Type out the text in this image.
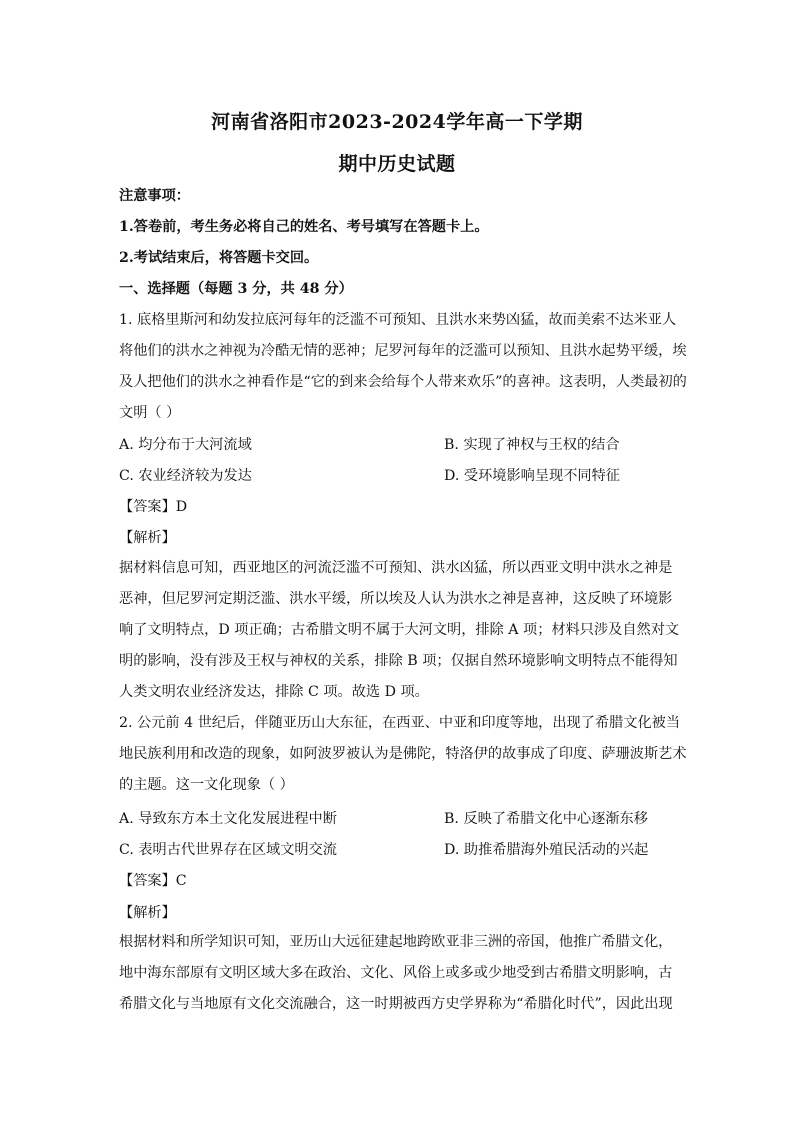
河南省洛阳市2023-2024学年高一下学期
期中历史试题
注意事项：
1.答卷前，考生务必将自己的姓名、考号填写在答题卡上。
2.考试结束后，将答题卡交回。
一、选择题（每题 3 分，共 48 分）
1. 底格里斯河和幼发拉底河每年的泛滥不可预知、且洪水来势凶猛，故而美索不达米亚人
将他们的洪水之神视为冷酷无情的恶神；尼罗河每年的泛滥可以预知、且洪水起势平缓，埃
及人把他们的洪水之神看作是“它的到来会给每个人带来欢乐”的喜神。这表明，人类最初的
文明（ ）
A. 均分布于大河流域	B. 实现了神权与王权的结合
C. 农业经济较为发达	D. 受环境影响呈现不同特征
【答案】D
【解析】
据材料信息可知，西亚地区的河流泛滥不可预知、洪水凶猛，所以西亚文明中洪水之神是
恶神，但尼罗河定期泛滥、洪水平缓，所以埃及人认为洪水之神是喜神，这反映了环境影
响了文明特点，D 项正确；古希腊文明不属于大河文明，排除 A 项；材料只涉及自然对文
明的影响，没有涉及王权与神权的关系，排除 B 项；仅据自然环境影响文明特点不能得知
人类文明农业经济发达，排除 C 项。故选 D 项。
2. 公元前 4 世纪后，伴随亚历山大东征，在西亚、中亚和印度等地，出现了希腊文化被当
地民族利用和改造的现象，如阿波罗被认为是佛陀，特洛伊的故事成了印度、萨珊波斯艺术
的主题。这一文化现象（ ）
A. 导致东方本土文化发展进程中断	B. 反映了希腊文化中心逐渐东移
C. 表明古代世界存在区域文明交流	D. 助推希腊海外殖民活动的兴起
【答案】C
【解析】
根据材料和所学知识可知，亚历山大远征建起地跨欧亚非三洲的帝国，他推广希腊文化，
地中海东部原有文明区域大多在政治、文化、风俗上或多或少地受到古希腊文明影响，古
希腊文化与当地原有文化交流融合，这一时期被西方史学界称为“希腊化时代”，因此出现
